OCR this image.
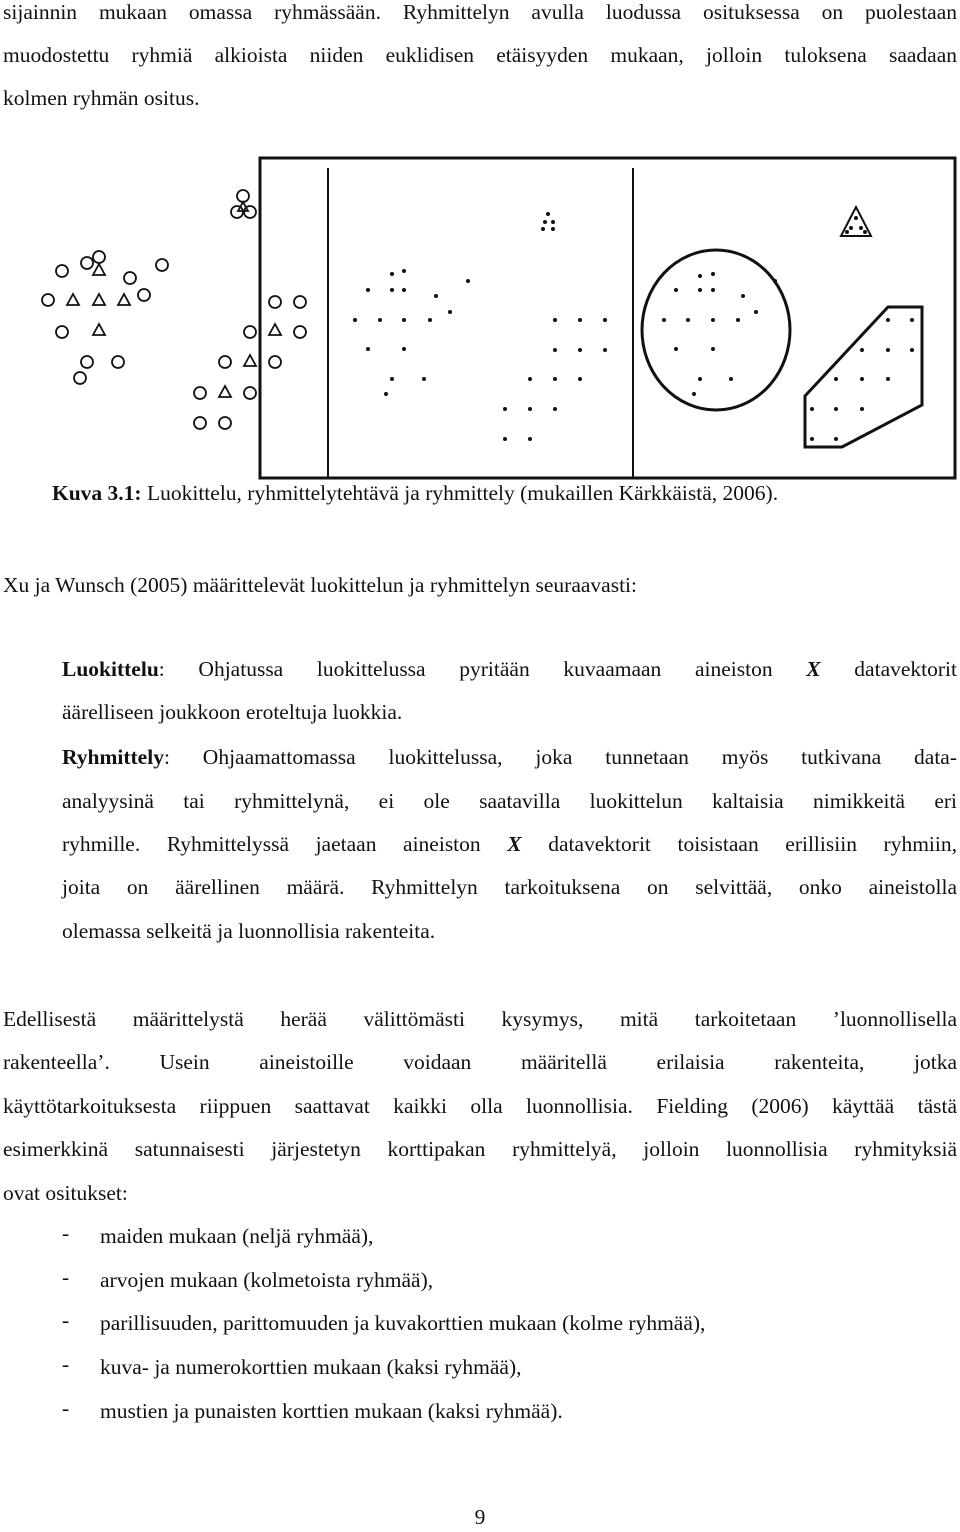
sijainnin mukaan omassa ryhmässään. Ryhmittelyn avulla luodussa osituksessa on puolestaan
muodostettu ryhmiä alkioista niiden euklidisen etäisyyden mukaan, jolloin tuloksena saadaan
kolmen ryhmän ositus.
Kuva 3.1: Luokittelu, ryhmittelytehtävä ja ryhmittely (mukaillen Kärkkäistä, 2006).
Xu ja Wunsch (2005) määrittelevät luokittelun ja ryhmittelyn seuraavasti:
Luokittelu: Ohjatussa luokittelussa pyritään kuvaamaan aineiston X datavektorit
äärelliseen joukkoon eroteltuja luokkia.
Ryhmittely: Ohjaamattomassa luokittelussa, joka tunnetaan myös tutkivana data-
analyysinä tai ryhmittelynä, ei ole saatavilla luokittelun kaltaisia nimikkeitä eri
ryhmille. Ryhmittelyssä jaetaan aineiston X datavektorit toisistaan erillisiin ryhmiin,
joita on äärellinen määrä. Ryhmittelyn tarkoituksena on selvittää, onko aineistolla
olemassa selkeitä ja luonnollisia rakenteita.
Edellisestä määrittelystä herää välittömästi kysymys, mitä tarkoitetaan ’luonnollisella
rakenteella’. Usein aineistoille voidaan määritellä erilaisia rakenteita, jotka
käyttötarkoituksesta riippuen saattavat kaikki olla luonnollisia. Fielding (2006) käyttää tästä
esimerkkinä satunnaisesti järjestetyn korttipakan ryhmittelyä, jolloin luonnollisia ryhmityksiä
ovat ositukset:
- maiden mukaan (neljä ryhmää),
- arvojen mukaan (kolmetoista ryhmää),
- parillisuuden, parittomuuden ja kuvakorttien mukaan (kolme ryhmää),
- kuva- ja numerokorttien mukaan (kaksi ryhmää),
- mustien ja punaisten korttien mukaan (kaksi ryhmää).
9
